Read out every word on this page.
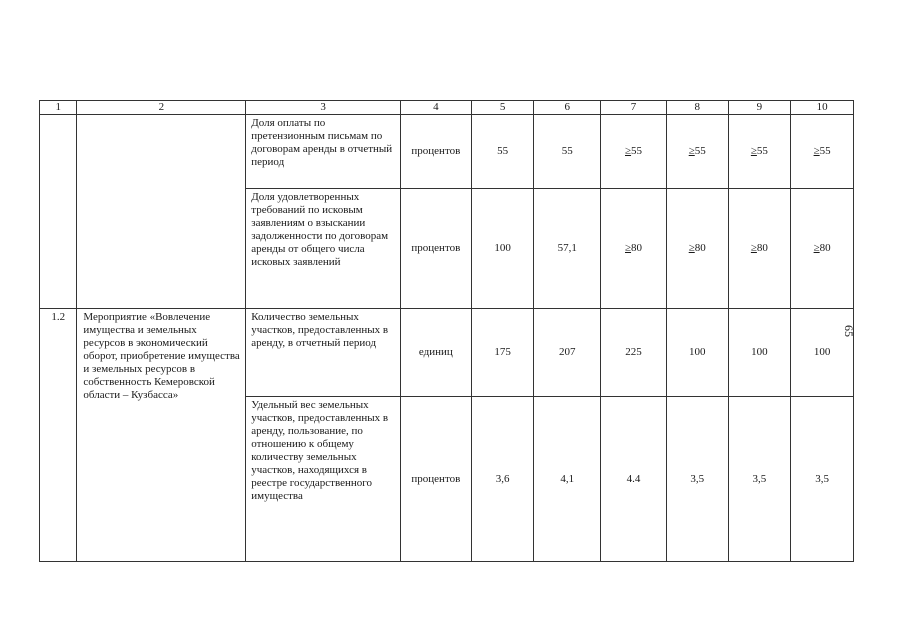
1	2	3	4	5	6	7	8	9	10
		Доля оплаты по претензионным письмам по договорам аренды в отчетный период	процентов	55	55	≥55	≥55	≥55	≥55
		Доля удовлетворенных требований по исковым заявлениям о взыскании задолженности по договорам аренды от общего числа исковых заявлений	процентов	100	57,1	≥80	≥80	≥80	≥80
1.2	Мероприятие «Вовлечение имущества и земельных ресурсов в экономический оборот, приобретение имущества и земельных ресурсов в собственность Кемеровской области – Кузбасса»	Количество земельных участков, предоставленных в аренду, в отчетный период	единиц	175	207	225	100	100	100
		Удельный вес земельных участков, предоставленных в аренду, пользование, по отношению к общему количеству земельных участков, находящихся в реестре государственного имущества	процентов	3,6	4,1	4.4	3,5	3,5	3,5
65
